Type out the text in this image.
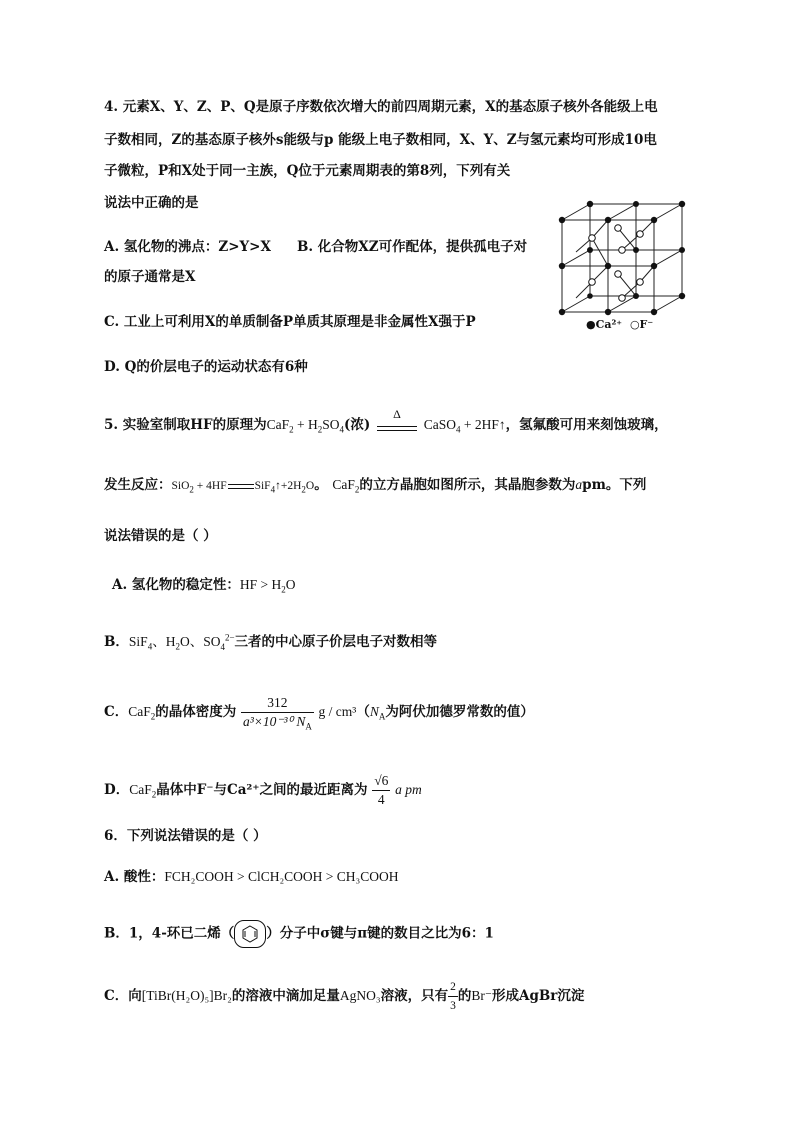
4. 元素X、Y、Z、P、Q是原子序数依次增大的前四周期元素，X的基态原子核外各能级上电
子数相同，Z的基态原子核外s能级与p 能级上电子数相同，X、Y、Z与氢元素均可形成10电
子微粒，P和X处于同一主族，Q位于元素周期表的第8列，下列有关
说法中正确的是
A. 氢化物的沸点：Z>Y>X B. 化合物XZ可作配体，提供孤电子对
的原子通常是X
C. 工业上可利用X的单质制备P单质其原理是非金属性X强于P
D. Q的价层电子的运动状态有6种
●Ca²⁺ ○F⁻
5. 实验室制取HF的原理为$CaF_2 + H_2SO_4$(浓)
Δ
CaSO$_4$ + 2HF↑，氢氟酸可用来刻蚀玻璃，
发生反应：SiO$_2$ + 4HF $SiF_4↑+2H_2O$。 CaF$_2$的立方晶胞如图所示，其晶胞参数为apm。下列
说法错误的是（ ）
A. 氢化物的稳定性：HF > $H_2O$
B．SiF$_4$、$H_2O$、$SO_4^{2-}$三者的中心原子价层电子对数相等
C．CaF$_2$的晶体密度为 $\frac{312}{a^3\times 10^{-30} N_A}$ g / $cm^3(N_A$为阿伏加德罗常数的值）
D．CaF$_2$晶体中F⁻与Ca²⁺之间的最近距离为 $\frac{√6}{4}$ a pm
6．下列说法错误的是（ ）
A. 酸性：FCH₂COOH > ClCH₂COOH > CH₃COOH
B．1，4-环已二烯（ ）分子中σ键与π键的数目之比为6：1
C．向[TiBr(H₂O)₅]Br₂的溶液中滴加足量AgNO₃溶液，只有 $\frac{2}{3}$ 的Br⁻形成AgBr沉淀
